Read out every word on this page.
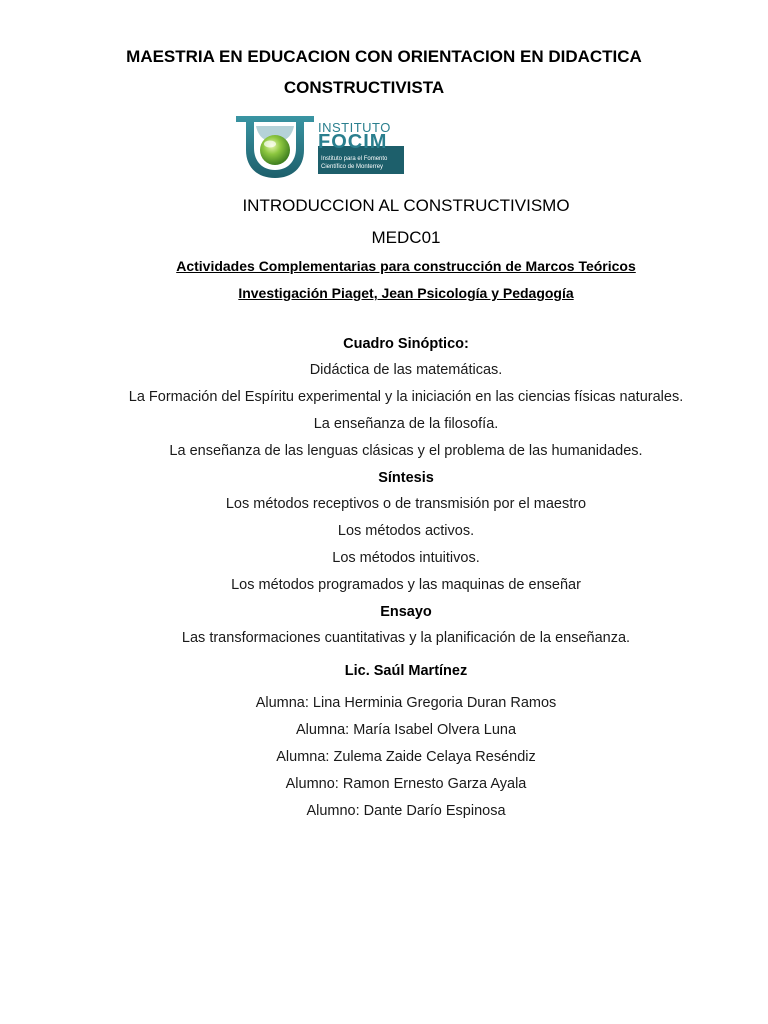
MAESTRIA EN EDUCACION CON ORIENTACION EN DIDACTICA
CONSTRUCTIVISTA
INSTITUTO
FOCIM
Instituto para el Fomento
Científico de Monterrey
INTRODUCCION AL CONSTRUCTIVISMO
MEDC01
Actividades Complementarias para construcción de Marcos Teóricos
Investigación Piaget, Jean Psicología y Pedagogía
Cuadro Sinóptico:
Didáctica de las matemáticas.
La Formación del Espíritu experimental y la iniciación en las ciencias físicas naturales.
La enseñanza de la filosofía.
La enseñanza de las lenguas clásicas y el problema de las humanidades.
Síntesis
Los métodos receptivos o de transmisión por el maestro
Los métodos activos.
Los métodos intuitivos.
Los métodos programados y las maquinas de enseñar
Ensayo
Las transformaciones cuantitativas y la planificación de la enseñanza.
Lic. Saúl Martínez
Alumna: Lina Herminia Gregoria Duran Ramos
Alumna: María Isabel Olvera Luna
Alumna: Zulema Zaide Celaya Reséndiz
Alumno: Ramon Ernesto Garza Ayala
Alumno: Dante Darío Espinosa
